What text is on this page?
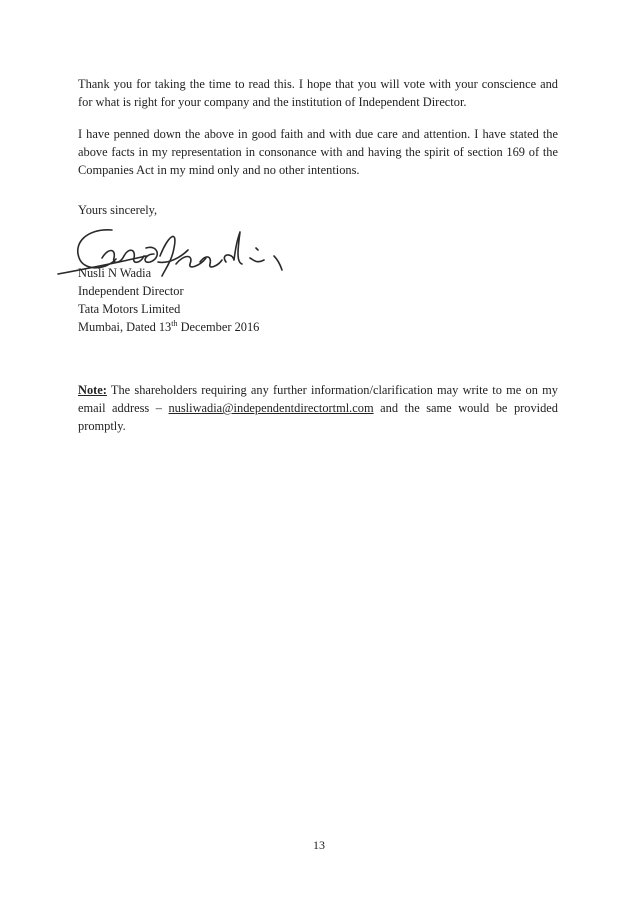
Thank you for taking the time to read this. I hope that you will vote with your conscience and for what is right for your company and the institution of Independent Director.

I have penned down the above in good faith and with due care and attention. I have stated the above facts in my representation in consonance with and having the spirit of section 169 of the Companies Act in my mind only and no other intentions.

Yours sincerely,

Nusli N Wadia
Independent Director
Tata Motors Limited
Mumbai, Dated 13th December 2016

Note: The shareholders requiring any further information/clarification may write to me on my email address – nusliwadia@independentdirectortml.com and the same would be provided promptly.

13
